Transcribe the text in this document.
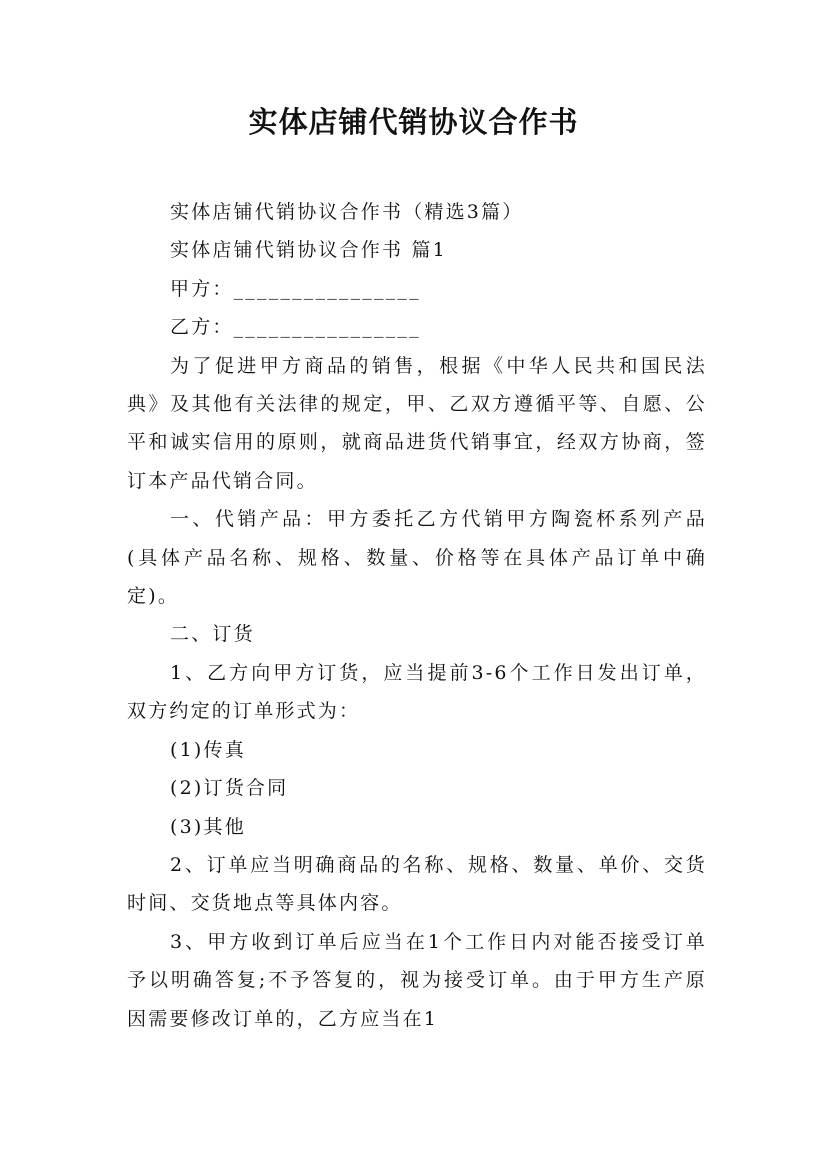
实体店铺代销协议合作书

实体店铺代销协议合作书（精选3篇）

实体店铺代销协议合作书 篇1

甲方：________________

乙方：________________

为了促进甲方商品的销售，根据《中华人民共和国民法典》及其他有关法律的规定，甲、乙双方遵循平等、自愿、公平和诚实信用的原则，就商品进货代销事宜，经双方协商，签订本产品代销合同。

一、代销产品：甲方委托乙方代销甲方陶瓷杯系列产品(具体产品名称、规格、数量、价格等在具体产品订单中确定)。

二、订货

1、乙方向甲方订货，应当提前3-6个工作日发出订单，双方约定的订单形式为：

(1)传真

(2)订货合同

(3)其他

2、订单应当明确商品的名称、规格、数量、单价、交货时间、交货地点等具体内容。

3、甲方收到订单后应当在1个工作日内对能否接受订单予以明确答复;不予答复的，视为接受订单。由于甲方生产原因需要修改订单的，乙方应当在1
